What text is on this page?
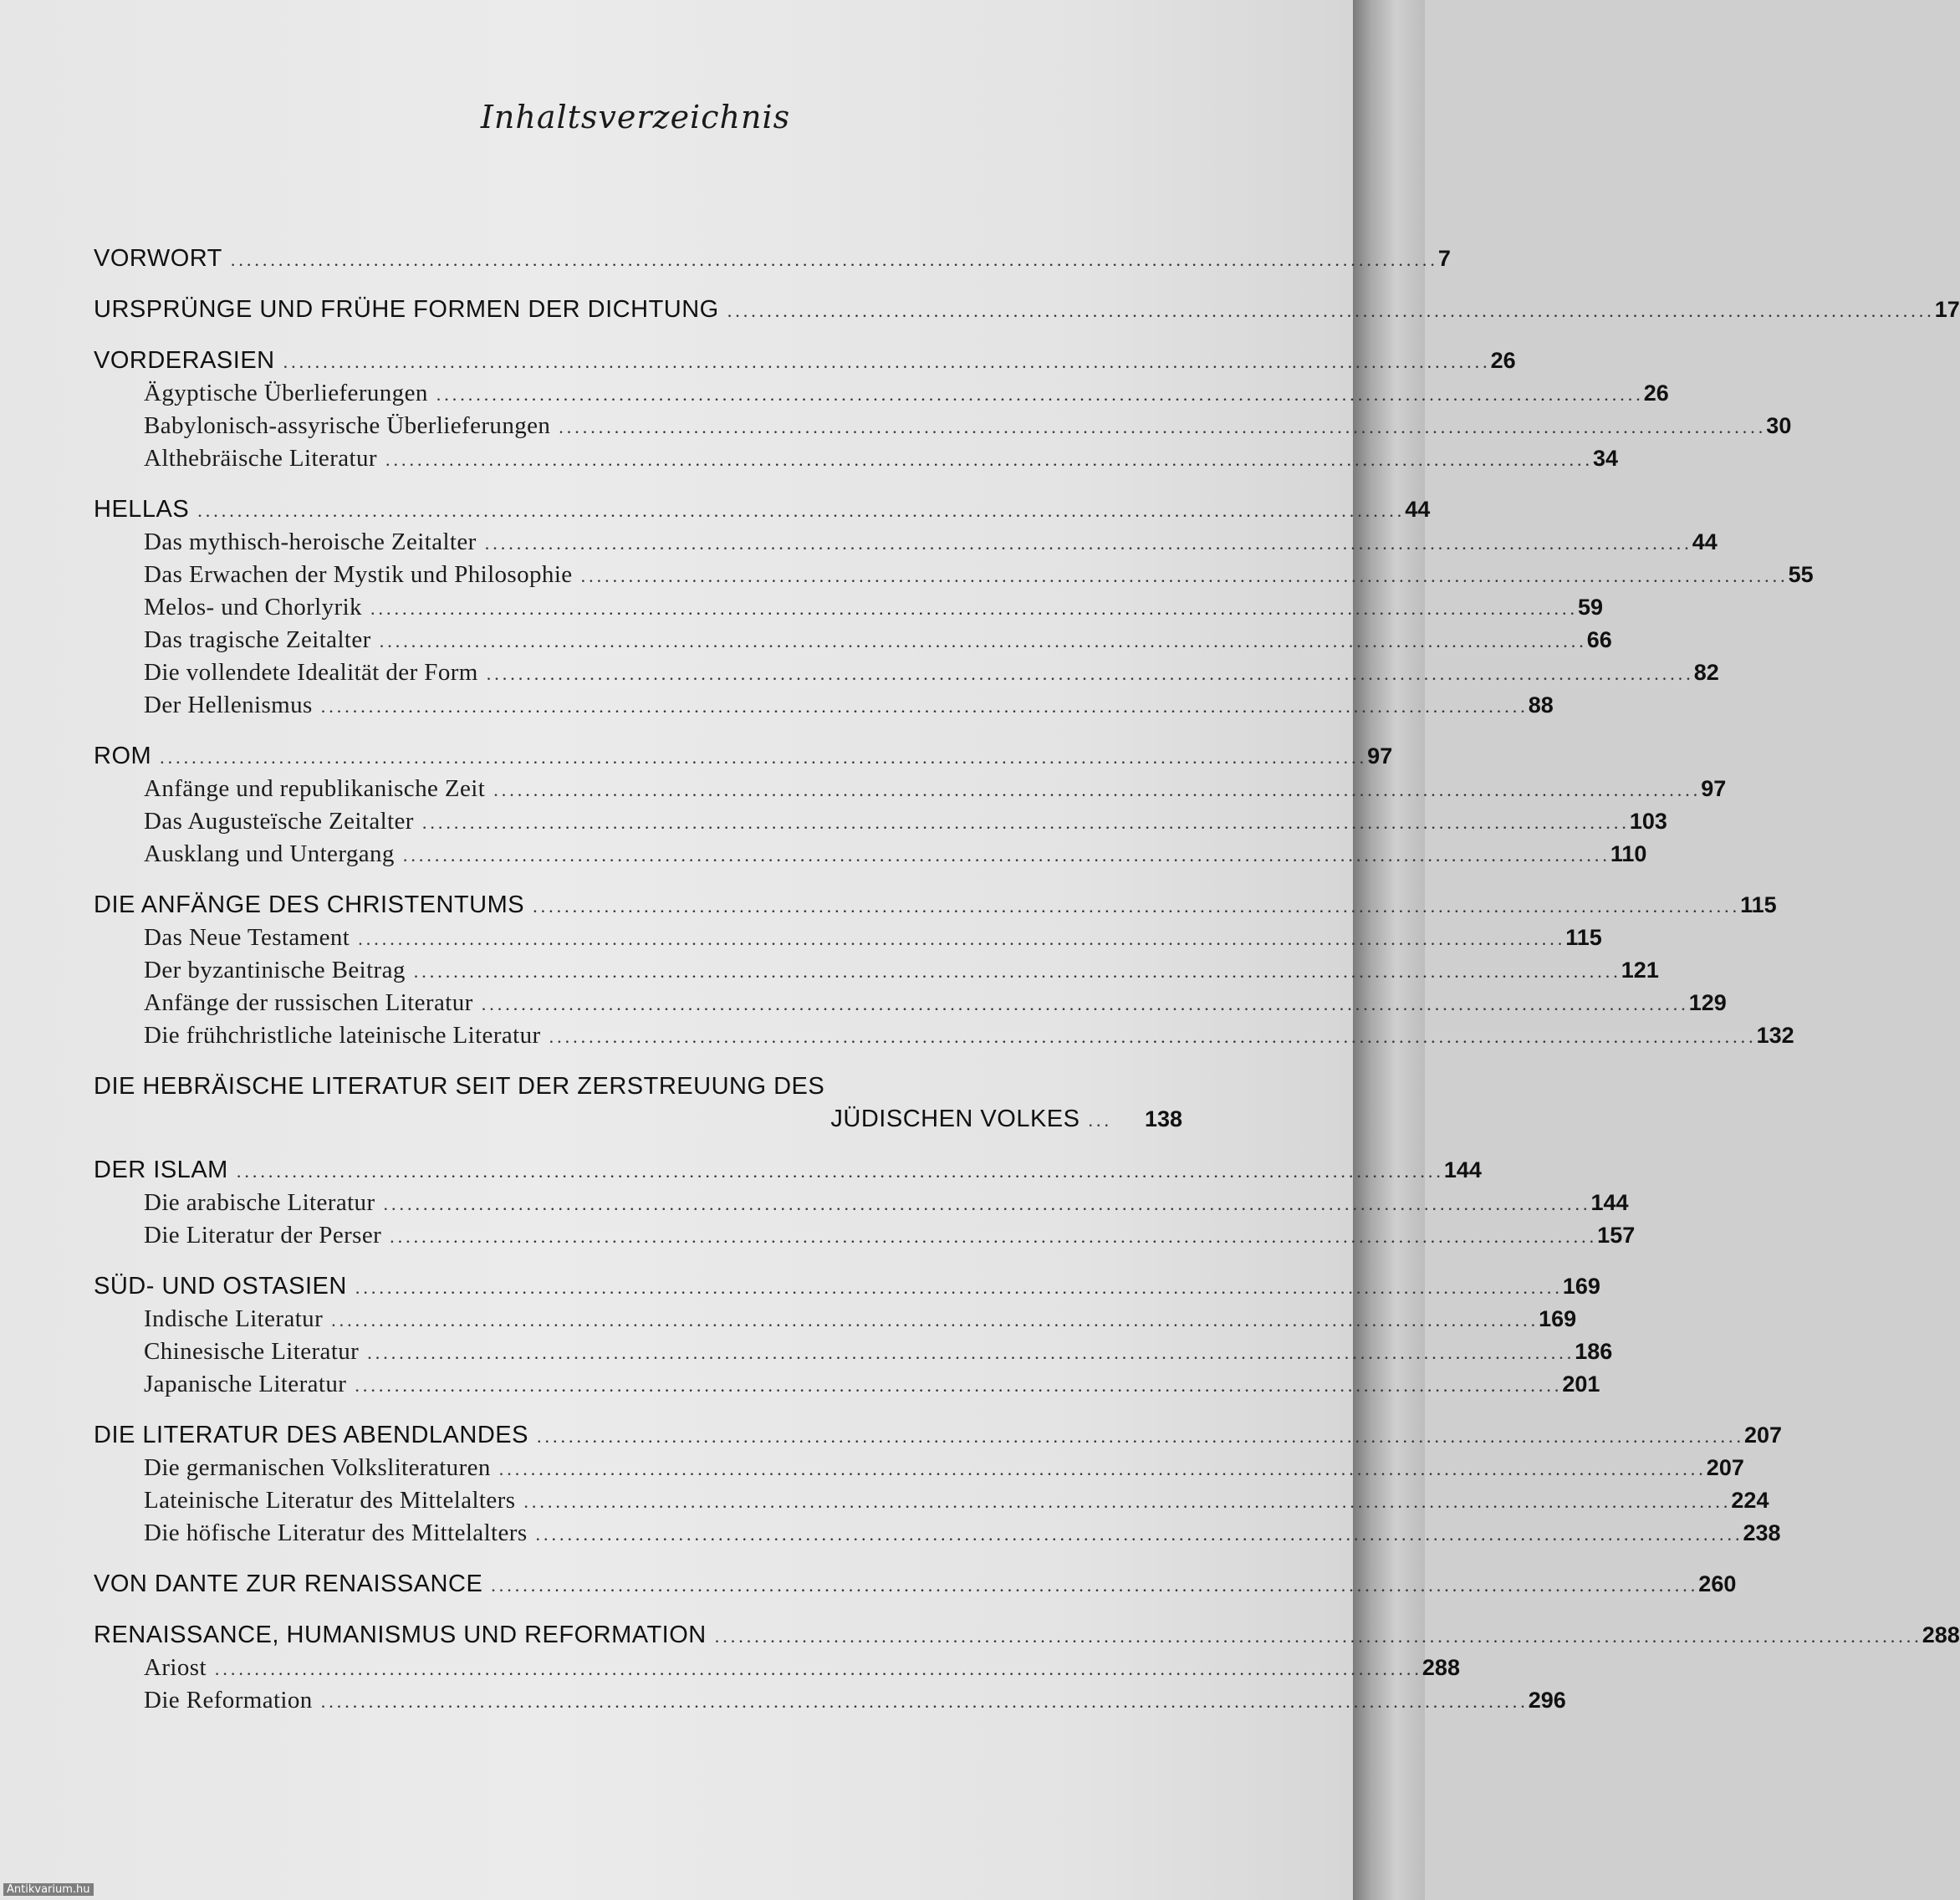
Inhaltsverzeichnis
VORWORT ........................................................................................................................................................ 7
URSPRÜNGE UND FRÜHE FORMEN DER DICHTUNG ........................................................................................................................................................ 17
VORDERASIEN ........................................................................................................................................................ 26
Ägyptische Überlieferungen ........................................................................................................................................................ 26
Babylonisch-assyrische Überlieferungen ........................................................................................................................................................ 30
Althebräische Literatur ........................................................................................................................................................ 34
HELLAS ........................................................................................................................................................ 44
Das mythisch-heroische Zeitalter ........................................................................................................................................................ 44
Das Erwachen der Mystik und Philosophie ........................................................................................................................................................ 55
Melos- und Chorlyrik ........................................................................................................................................................ 59
Das tragische Zeitalter ........................................................................................................................................................ 66
Die vollendete Idealität der Form ........................................................................................................................................................ 82
Der Hellenismus ........................................................................................................................................................ 88
ROM ........................................................................................................................................................ 97
Anfänge und republikanische Zeit ........................................................................................................................................................ 97
Das Augusteïsche Zeitalter ........................................................................................................................................................ 103
Ausklang und Untergang ........................................................................................................................................................ 110
DIE ANFÄNGE DES CHRISTENTUMS ........................................................................................................................................................ 115
Das Neue Testament ........................................................................................................................................................ 115
Der byzantinische Beitrag ........................................................................................................................................................ 121
Anfänge der russischen Literatur ........................................................................................................................................................ 129
Die frühchristliche lateinische Literatur ........................................................................................................................................................ 132
DIE HEBRÄISCHE LITERATUR SEIT DER ZERSTREUUNG DES
JÜDISCHEN VOLKES ...	138
DER ISLAM ........................................................................................................................................................ 144
Die arabische Literatur ........................................................................................................................................................ 144
Die Literatur der Perser ........................................................................................................................................................ 157
SÜD- UND OSTASIEN ........................................................................................................................................................ 169
Indische Literatur ........................................................................................................................................................ 169
Chinesische Literatur ........................................................................................................................................................ 186
Japanische Literatur ........................................................................................................................................................ 201
DIE LITERATUR DES ABENDLANDES ........................................................................................................................................................ 207
Die germanischen Volksliteraturen ........................................................................................................................................................ 207
Lateinische Literatur des Mittelalters ........................................................................................................................................................ 224
Die höfische Literatur des Mittelalters ........................................................................................................................................................ 238
VON DANTE ZUR RENAISSANCE ........................................................................................................................................................ 260
RENAISSANCE, HUMANISMUS UND REFORMATION ........................................................................................................................................................ 288
Ariost ........................................................................................................................................................ 288
Die Reformation ........................................................................................................................................................ 296
Antikvarium.hu
